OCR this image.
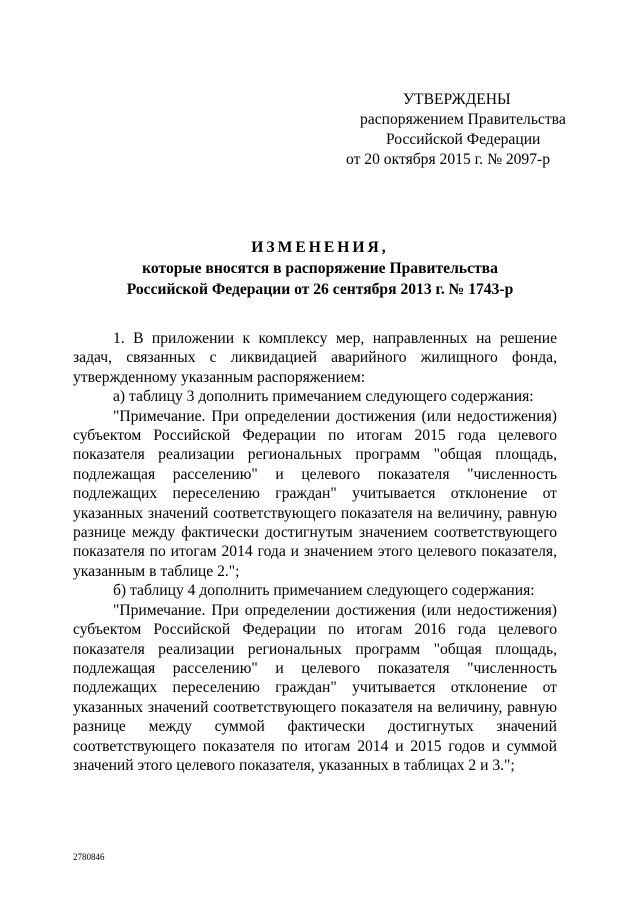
УТВЕРЖДЕНЫ
распоряжением Правительства
Российской Федерации
от 20 октября 2015 г. № 2097-р
ИЗМЕНЕНИЯ,
которые вносятся в распоряжение Правительства
Российской Федерации от 26 сентября 2013 г. № 1743-р

1. В приложении к комплексу мер, направленных на решение задач, связанных с ликвидацией аварийного жилищного фонда, утвержденному указанным распоряжением:

а) таблицу 3 дополнить примечанием следующего содержания:

"Примечание. При определении достижения (или недостижения) субъектом Российской Федерации по итогам 2015 года целевого показателя реализации региональных программ "общая площадь, подлежащая расселению" и целевого показателя "численность подлежащих переселению граждан" учитывается отклонение от указанных значений соответствующего показателя на величину, равную разнице между фактически достигнутым значением соответствующего показателя по итогам 2014 года и значением этого целевого показателя, указанным в таблице 2.";

б) таблицу 4 дополнить примечанием следующего содержания:

"Примечание. При определении достижения (или недостижения) субъектом Российской Федерации по итогам 2016 года целевого показателя реализации региональных программ "общая площадь, подлежащая расселению" и целевого показателя "численность подлежащих переселению граждан" учитывается отклонение от указанных значений соответствующего показателя на величину, равную разнице между суммой фактически достигнутых значений соответствующего показателя по итогам 2014 и 2015 годов и суммой значений этого целевого показателя, указанных в таблицах 2 и 3.";

2780846
